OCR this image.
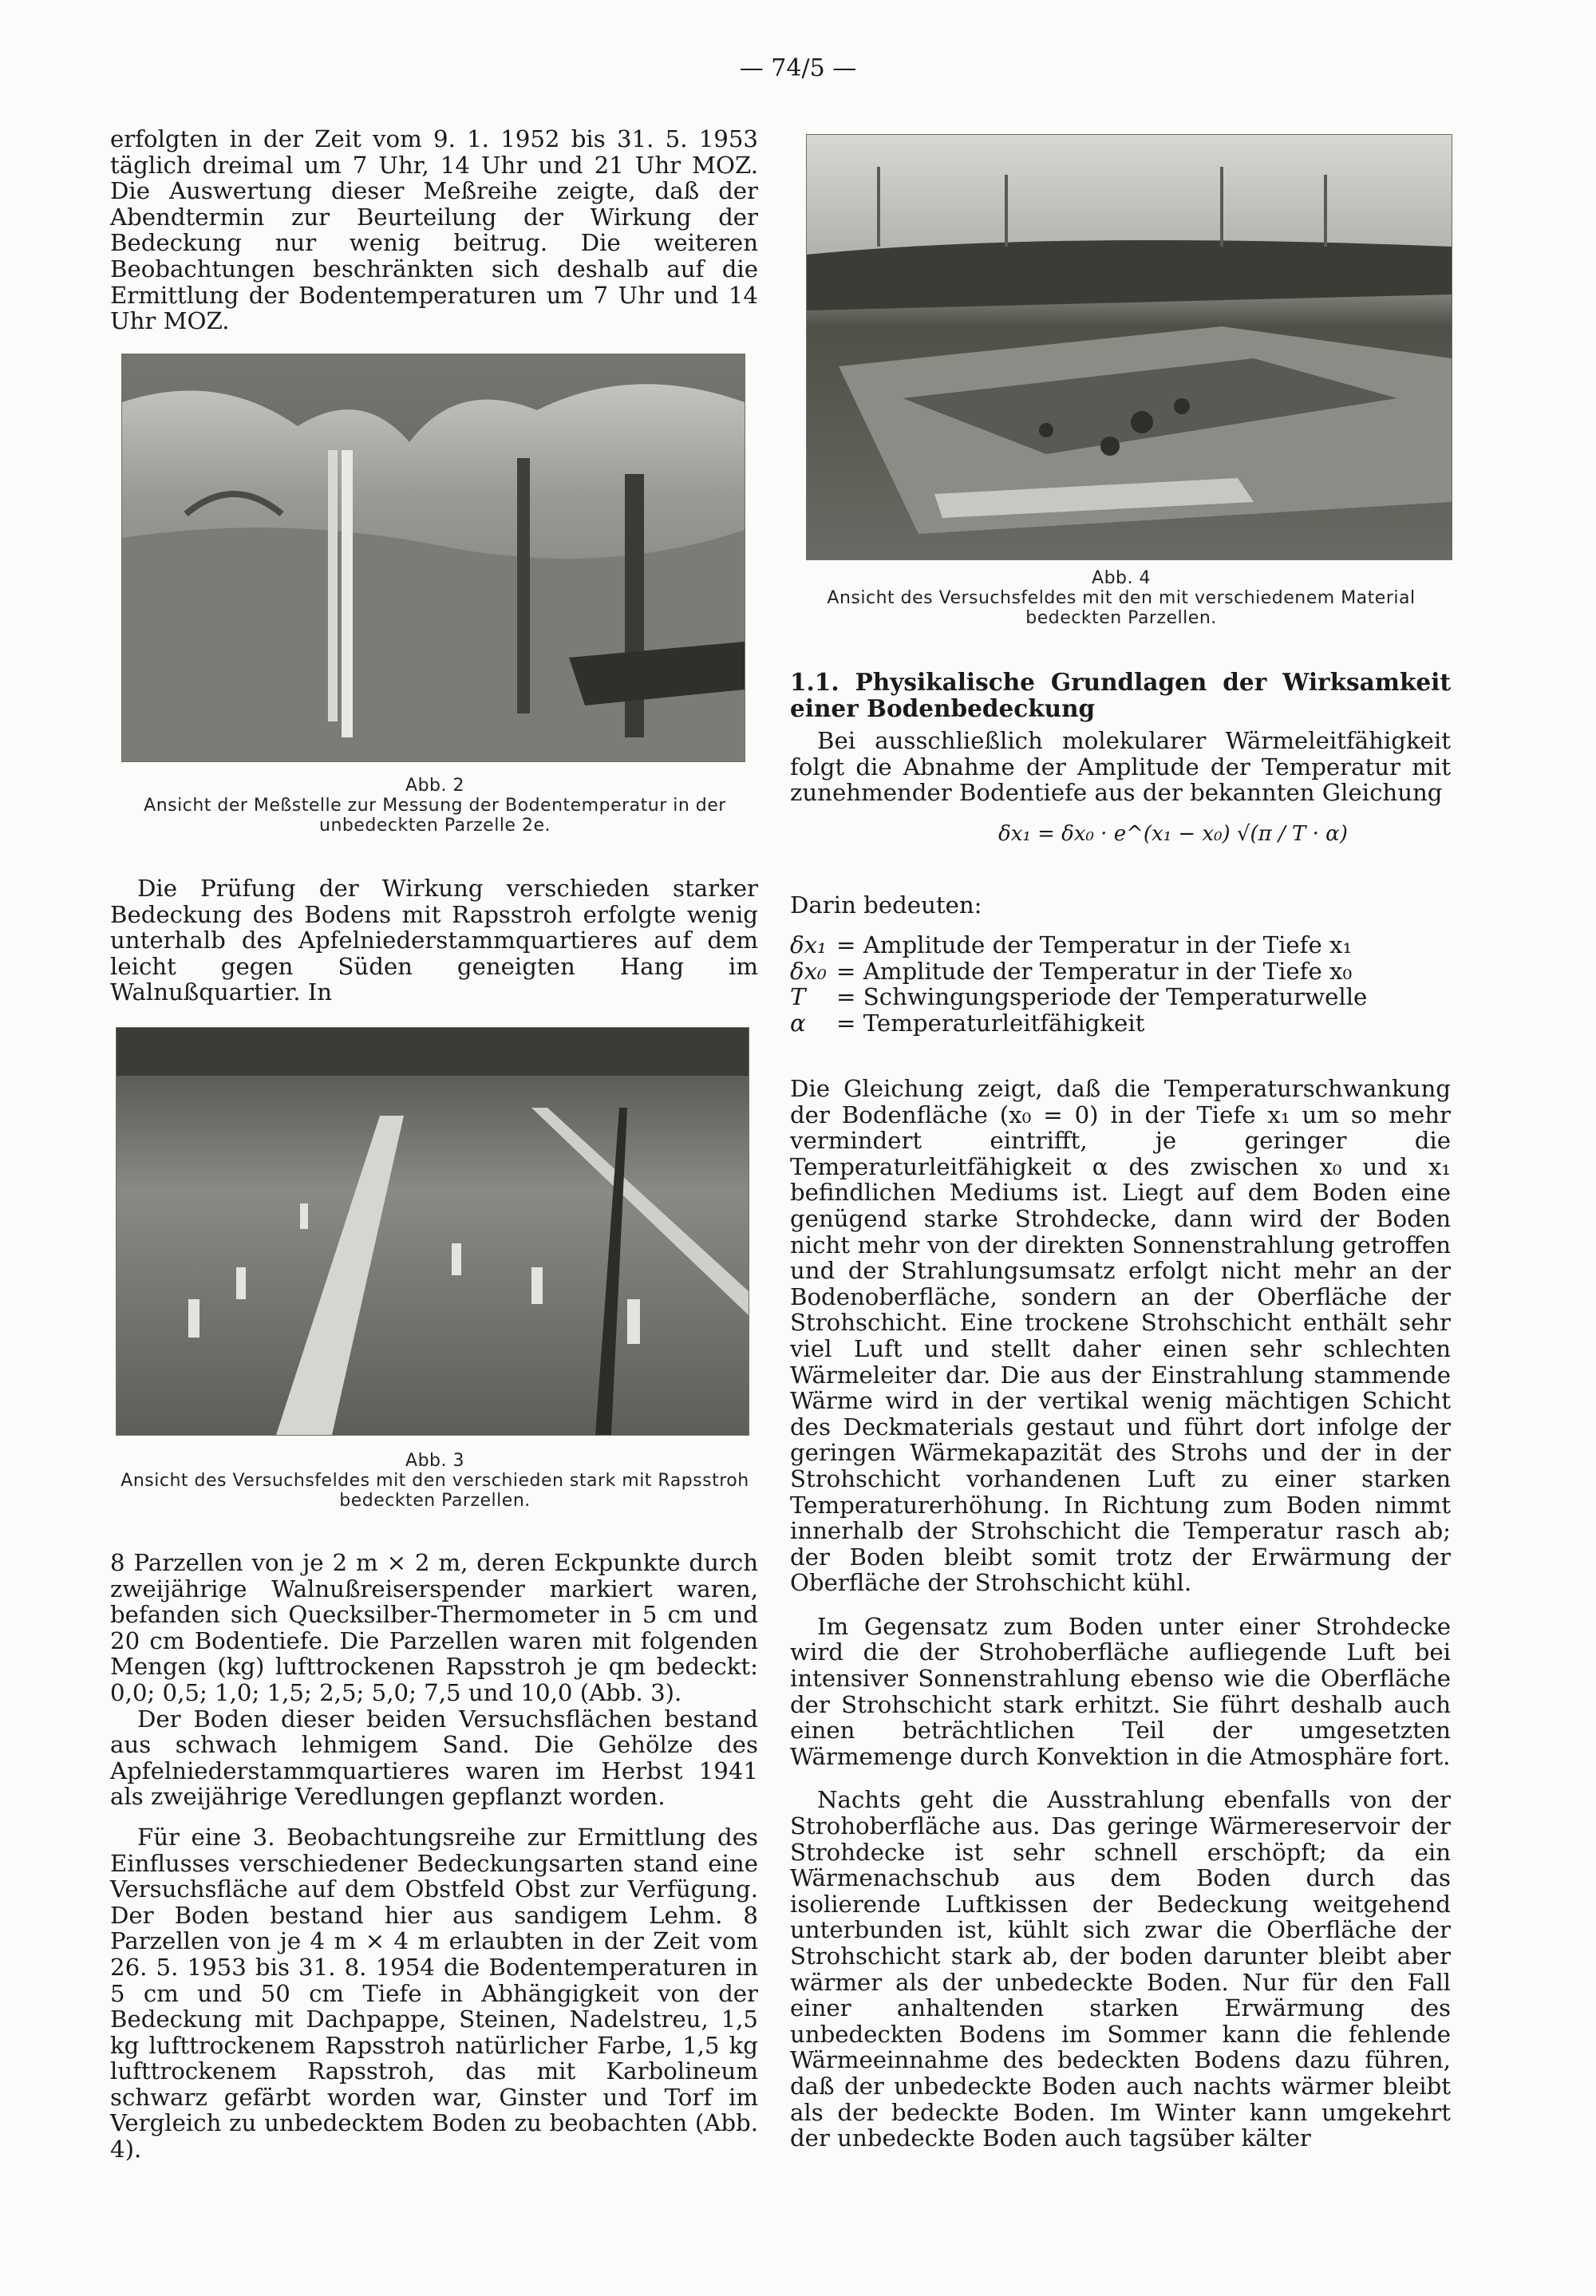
— 74/5 —

erfolgten in der Zeit vom 9. 1. 1952 bis 31. 5. 1953 täglich dreimal um 7 Uhr, 14 Uhr und 21 Uhr MOZ. Die Auswertung dieser Meßreihe zeigte, daß der Abendtermin zur Beurteilung der Wirkung der Bedeckung nur wenig beitrug. Die weiteren Beobachtungen beschränkten sich deshalb auf die Ermittlung der Bodentemperaturen um 7 Uhr und 14 Uhr MOZ.

Abb. 2
Ansicht der Meßstelle zur Messung der Bodentemperatur in der unbedeckten Parzelle 2e.

Die Prüfung der Wirkung verschieden starker Bedeckung des Bodens mit Rapsstroh erfolgte wenig unterhalb des Apfelniederstammquartieres auf dem leicht gegen Süden geneigten Hang im Walnußquartier. In

Abb. 3
Ansicht des Versuchsfeldes mit den verschieden stark mit Rapsstroh bedeckten Parzellen.

8 Parzellen von je 2 m × 2 m, deren Eckpunkte durch zweijährige Walnußreiserspender markiert waren, befanden sich Quecksilber-Thermometer in 5 cm und 20 cm Bodentiefe. Die Parzellen waren mit folgenden Mengen (kg) lufttrockenen Rapsstroh je qm bedeckt: 0,0; 0,5; 1,0; 1,5; 2,5; 5,0; 7,5 und 10,0 (Abb. 3).

Der Boden dieser beiden Versuchsflächen bestand aus schwach lehmigem Sand. Die Gehölze des Apfelniederstammquartieres waren im Herbst 1941 als zweijährige Veredlungen gepflanzt worden.

Für eine 3. Beobachtungsreihe zur Ermittlung des Einflusses verschiedener Bedeckungsarten stand eine Versuchsfläche auf dem Obstfeld Obst zur Verfügung. Der Boden bestand hier aus sandigem Lehm. 8 Parzellen von je 4 m × 4 m erlaubten in der Zeit vom 26. 5. 1953 bis 31. 8. 1954 die Bodentemperaturen in 5 cm und 50 cm Tiefe in Abhängigkeit von der Bedeckung mit Dachpappe, Steinen, Nadelstreu, 1,5 kg lufttrockenem Rapsstroh natürlicher Farbe, 1,5 kg lufttrockenem Rapsstroh, das mit Karbolineum schwarz gefärbt worden war, Ginster und Torf im Vergleich zu unbedecktem Boden zu beobachten (Abb. 4).

Abb. 4
Ansicht des Versuchsfeldes mit den mit verschiedenem Material bedeckten Parzellen.
1.1. Physikalische Grundlagen der Wirksamkeit einer Bodenbedeckung

Bei ausschließlich molekularer Wärmeleitfähigkeit folgt die Abnahme der Amplitude der Temperatur mit zunehmender Bodentiefe aus der bekannten Gleichung

δx₁ = δx₀ · e^(x₁ − x₀) √(π / T · α)
Darin bedeuten:
δx₁ = Amplitude der Temperatur in der Tiefe x₁
δx₀ = Amplitude der Temperatur in der Tiefe x₀
T = Schwingungsperiode der Temperaturwelle
α = Temperaturleitfähigkeit

Die Gleichung zeigt, daß die Temperaturschwankung der Bodenfläche (x₀ = 0) in der Tiefe x₁ um so mehr vermindert eintrifft, je geringer die Temperaturleitfähigkeit α des zwischen x₀ und x₁ befindlichen Mediums ist. Liegt auf dem Boden eine genügend starke Strohdecke, dann wird der Boden nicht mehr von der direkten Sonnenstrahlung getroffen und der Strahlungsumsatz erfolgt nicht mehr an der Bodenoberfläche, sondern an der Oberfläche der Strohschicht. Eine trockene Strohschicht enthält sehr viel Luft und stellt daher einen sehr schlechten Wärmeleiter dar. Die aus der Einstrahlung stammende Wärme wird in der vertikal wenig mächtigen Schicht des Deckmaterials gestaut und führt dort infolge der geringen Wärmekapazität des Strohs und der in der Strohschicht vorhandenen Luft zu einer starken Temperaturerhöhung. In Richtung zum Boden nimmt innerhalb der Strohschicht die Temperatur rasch ab; der Boden bleibt somit trotz der Erwärmung der Oberfläche der Strohschicht kühl.

Im Gegensatz zum Boden unter einer Strohdecke wird die der Strohoberfläche aufliegende Luft bei intensiver Sonnenstrahlung ebenso wie die Oberfläche der Strohschicht stark erhitzt. Sie führt deshalb auch einen beträchtlichen Teil der umgesetzten Wärmemenge durch Konvektion in die Atmosphäre fort.

Nachts geht die Ausstrahlung ebenfalls von der Strohoberfläche aus. Das geringe Wärmereservoir der Strohdecke ist sehr schnell erschöpft; da ein Wärmenachschub aus dem Boden durch das isolierende Luftkissen der Bedeckung weitgehend unterbunden ist, kühlt sich zwar die Oberfläche der Strohschicht stark ab, der boden darunter bleibt aber wärmer als der unbedeckte Boden. Nur für den Fall einer anhaltenden starken Erwärmung des unbedeckten Bodens im Sommer kann die fehlende Wärmeeinnahme des bedeckten Bodens dazu führen, daß der unbedeckte Boden auch nachts wärmer bleibt als der bedeckte Boden. Im Winter kann umgekehrt der unbedeckte Boden auch tagsüber kälter
